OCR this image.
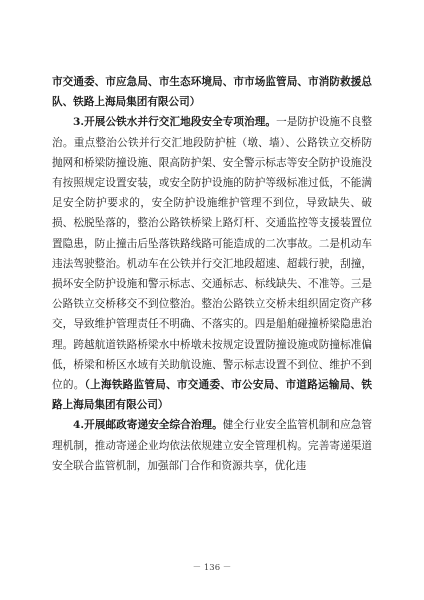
市交通委、市应急局、市生态环境局、市市场监管局、市消防救援总队、铁路上海局集团有限公司）

3.开展公铁水并行交汇地段安全专项治理。一是防护设施不良整治。重点整治公铁并行交汇地段防护桩（墩、墙）、公路铁立交桥防抛网和桥梁防撞设施、限高防护架、安全警示标志等安全防护设施没有按照规定设置安装，或安全防护设施的防护等级标准过低，不能满足安全防护要求的，安全防护设施维护管理不到位，导致缺失、破损、松脱坠落的，整治公路铁桥梁上路灯杆、交通监控等支援装置位置隐患，防止撞击后坠落铁路线路可能造成的二次事故。二是机动车违法驾驶整治。机动车在公铁并行交汇地段超速、超载行驶，刮撞，损坏安全防护设施和警示标志、交通标志、标线缺失、不准等。三是公路铁立交桥移交不到位整治。整治公路铁立交桥未组织固定资产移交，导致维护管理责任不明确、不落实的。四是船舶碰撞桥梁隐患治理。跨越航道铁路桥梁水中桥墩未按规定设置防撞设施或防撞标准偏低，桥梁和桥区水域有关助航设施、警示标志设置不到位、维护不到位的。（上海铁路监管局、市交通委、市公安局、市道路运输局、铁路上海局集团有限公司）

4.开展邮政寄递安全综合治理。健全行业安全监管机制和应急管理机制，推动寄递企业均依法依规建立安全管理机构。完善寄递渠道安全联合监管机制，加强部门合作和资源共享，优化违

－ 136 －
